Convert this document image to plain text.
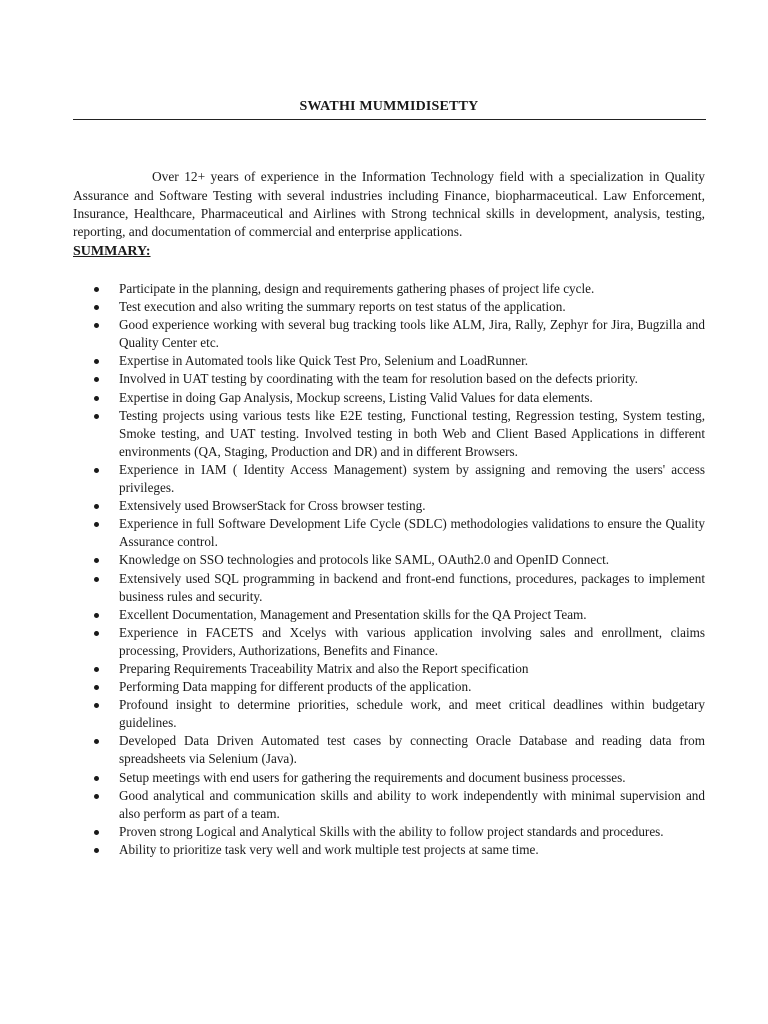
SWATHI MUMMIDISETTY

Over 12+ years of experience in the Information Technology field with a specialization in Quality Assurance and Software Testing with several industries including Finance, biopharmaceutical. Law Enforcement, Insurance, Healthcare, Pharmaceutical and Airlines with Strong technical skills in development, analysis, testing, reporting, and documentation of commercial and enterprise applications.

SUMMARY:
Participate in the planning, design and requirements gathering phases of project life cycle.
Test execution and also writing the summary reports on test status of the application.
Good experience working with several bug tracking tools like ALM, Jira, Rally, Zephyr for Jira, Bugzilla and Quality Center etc.
Expertise in Automated tools like Quick Test Pro, Selenium and LoadRunner.
Involved in UAT testing by coordinating with the team for resolution based on the defects priority.
Expertise in doing Gap Analysis, Mockup screens, Listing Valid Values for data elements.
Testing projects using various tests like E2E testing, Functional testing, Regression testing, System testing, Smoke testing, and UAT testing. Involved testing in both Web and Client Based Applications in different environments (QA, Staging, Production and DR) and in different Browsers.
Experience in IAM ( Identity Access Management) system by assigning and removing the users' access privileges.
Extensively used BrowserStack for Cross browser testing.
Experience in full Software Development Life Cycle (SDLC) methodologies validations to ensure the Quality Assurance control.
Knowledge on SSO technologies and protocols like SAML, OAuth2.0 and OpenID Connect.
Extensively used SQL programming in backend and front-end functions, procedures, packages to implement business rules and security.
Excellent Documentation, Management and Presentation skills for the QA Project Team.
Experience in FACETS and Xcelys with various application involving sales and enrollment, claims processing, Providers, Authorizations, Benefits and Finance.
Preparing Requirements Traceability Matrix and also the Report specification
Performing Data mapping for different products of the application.
Profound insight to determine priorities, schedule work, and meet critical deadlines within budgetary guidelines.
Developed Data Driven Automated test cases by connecting Oracle Database and reading data from spreadsheets via Selenium (Java).
Setup meetings with end users for gathering the requirements and document business processes.
Good analytical and communication skills and ability to work independently with minimal supervision and also perform as part of a team.
Proven strong Logical and Analytical Skills with the ability to follow project standards and procedures.
Ability to prioritize task very well and work multiple test projects at same time.
